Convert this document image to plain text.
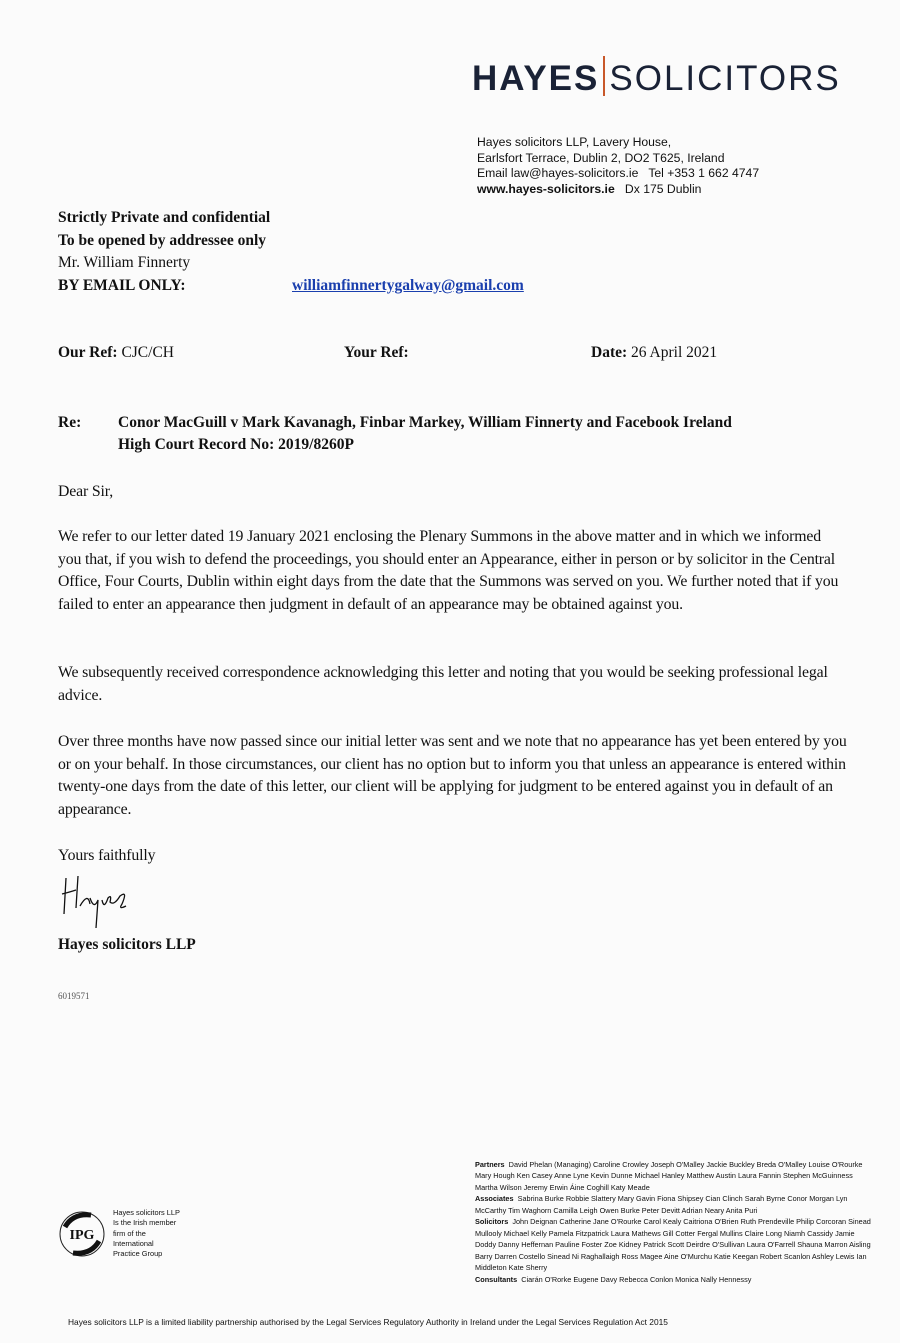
HAYES SOLICITORS
Hayes solicitors LLP, Lavery House,
Earlsfort Terrace, Dublin 2, DO2 T625, Ireland
Email law@hayes-solicitors.ie   Tel +353 1 662 4747
www.hayes-solicitors.ie Dx 175 Dublin
Strictly Private and confidential
To be opened by addressee only
Mr. William Finnerty
BY EMAIL ONLY:	williamfinnertygalway@gmail.com
Our Ref: CJC/CH	Your Ref:	Date: 26 April 2021
Re: Conor MacGuill v Mark Kavanagh, Finbar Markey, William Finnerty and Facebook Ireland
High Court Record No: 2019/8260P
Dear Sir,
We refer to our letter dated 19 January 2021 enclosing the Plenary Summons in the above matter and in which we informed you that, if you wish to defend the proceedings, you should enter an Appearance, either in person or by solicitor in the Central Office, Four Courts, Dublin within eight days from the date that the Summons was served on you. We further noted that if you failed to enter an appearance then judgment in default of an appearance may be obtained against you.
We subsequently received correspondence acknowledging this letter and noting that you would be seeking professional legal advice.
Over three months have now passed since our initial letter was sent and we note that no appearance has yet been entered by you or on your behalf. In those circumstances, our client has no option but to inform you that unless an appearance is entered within twenty-one days from the date of this letter, our client will be applying for judgment to be entered against you in default of an appearance.
Yours faithfully
Hayes solicitors LLP
6019571
IPG
Hayes solicitors LLP
Is the Irish member
firm of the
International
Practice Group
Partners David Phelan (Managing) Caroline Crowley Joseph O'Malley Jackie Buckley Breda O'Malley Louise O'Rourke Mary Hough Ken Casey Anne Lyne Kevin Dunne Michael Hanley Matthew Austin Laura Fannin Stephen McGuinness Martha Wilson Jeremy Erwin Áine Coghill Katy Meade
Associates Sabrina Burke Robbie Slattery Mary Gavin Fiona Shipsey Cian Clinch Sarah Byrne Conor Morgan Lyn McCarthy Tim Waghorn Camilla Leigh Owen Burke Peter Devitt Adrian Neary Anita Puri
Solicitors John Deignan Catherine Jane O'Rourke Carol Kealy Caitriona O'Brien Ruth Prendeville Philip Corcoran Sinead Mullooly Michael Kelly Pamela Fitzpatrick Laura Mathews Gill Cotter Fergal Mullins Claire Long Niamh Cassidy Jamie Doddy Danny Heffernan Pauline Foster Zoe Kidney Patrick Scott Deirdre O'Sullivan Laura O'Farrell Shauna Marron Aisling Barry Darren Costello Sinead Ni Raghallaigh Ross Magee Aine O'Murchu Katie Keegan Robert Scanlon Ashley Lewis Ian Middleton Kate Sherry
Consultants Ciarán O'Rorke Eugene Davy Rebecca Conlon Monica Nally Hennessy
Hayes solicitors LLP is a limited liability partnership authorised by the Legal Services Regulatory Authority in Ireland under the Legal Services Regulation Act 2015
